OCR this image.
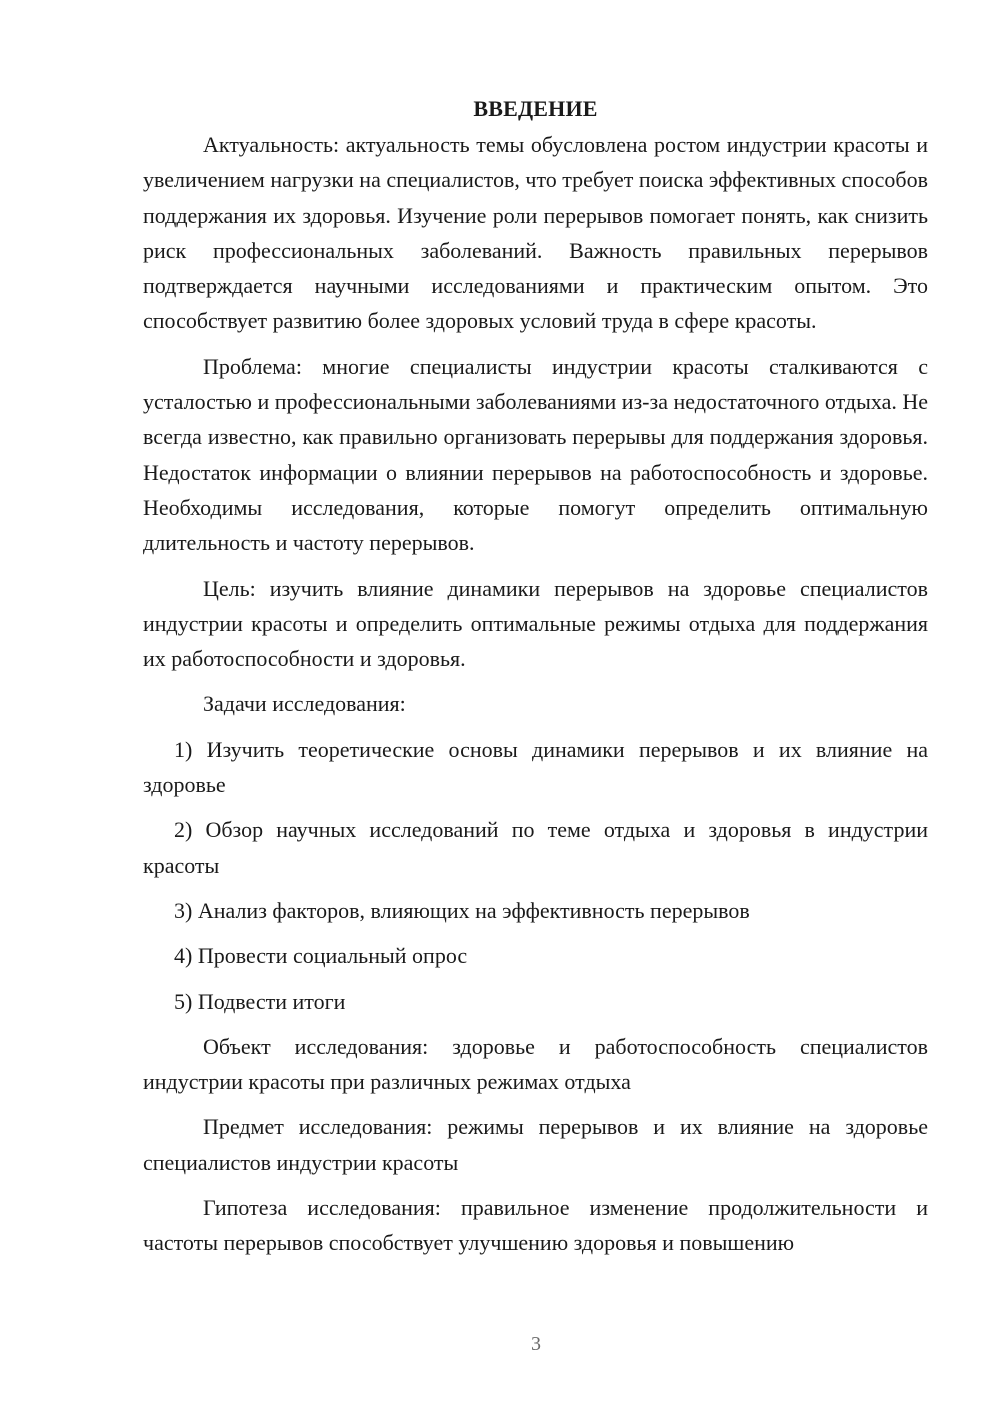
ВВЕДЕНИЕ

Актуальность: актуальность темы обусловлена ростом индустрии красоты и увеличением нагрузки на специалистов, что требует поиска эффективных способов поддержания их здоровья. Изучение роли перерывов помогает понять, как снизить риск профессиональных заболеваний. Важность правильных перерывов подтверждается научными исследованиями и практическим опытом. Это способствует развитию более здоровых условий труда в сфере красоты.

Проблема: многие специалисты индустрии красоты сталкиваются с усталостью и профессиональными заболеваниями из-за недостаточного отдыха. Не всегда известно, как правильно организовать перерывы для поддержания здоровья. Недостаток информации о влиянии перерывов на работоспособность и здоровье. Необходимы исследования, которые помогут определить оптимальную длительность и частоту перерывов.

Цель: изучить влияние динамики перерывов на здоровье специалистов индустрии красоты и определить оптимальные режимы отдыха для поддержания их работоспособности и здоровья.

Задачи исследования:

1) Изучить теоретические основы динамики перерывов и их влияние на здоровье

2) Обзор научных исследований по теме отдыха и здоровья в индустрии красоты

3) Анализ факторов, влияющих на эффективность перерывов

4) Провести социальный опрос

5) Подвести итоги

Объект исследования: здоровье и работоспособность специалистов индустрии красоты при различных режимах отдыха

Предмет исследования: режимы перерывов и их влияние на здоровье специалистов индустрии красоты

Гипотеза исследования: правильное изменение продолжительности и частоты перерывов способствует улучшению здоровья и повышению

3
